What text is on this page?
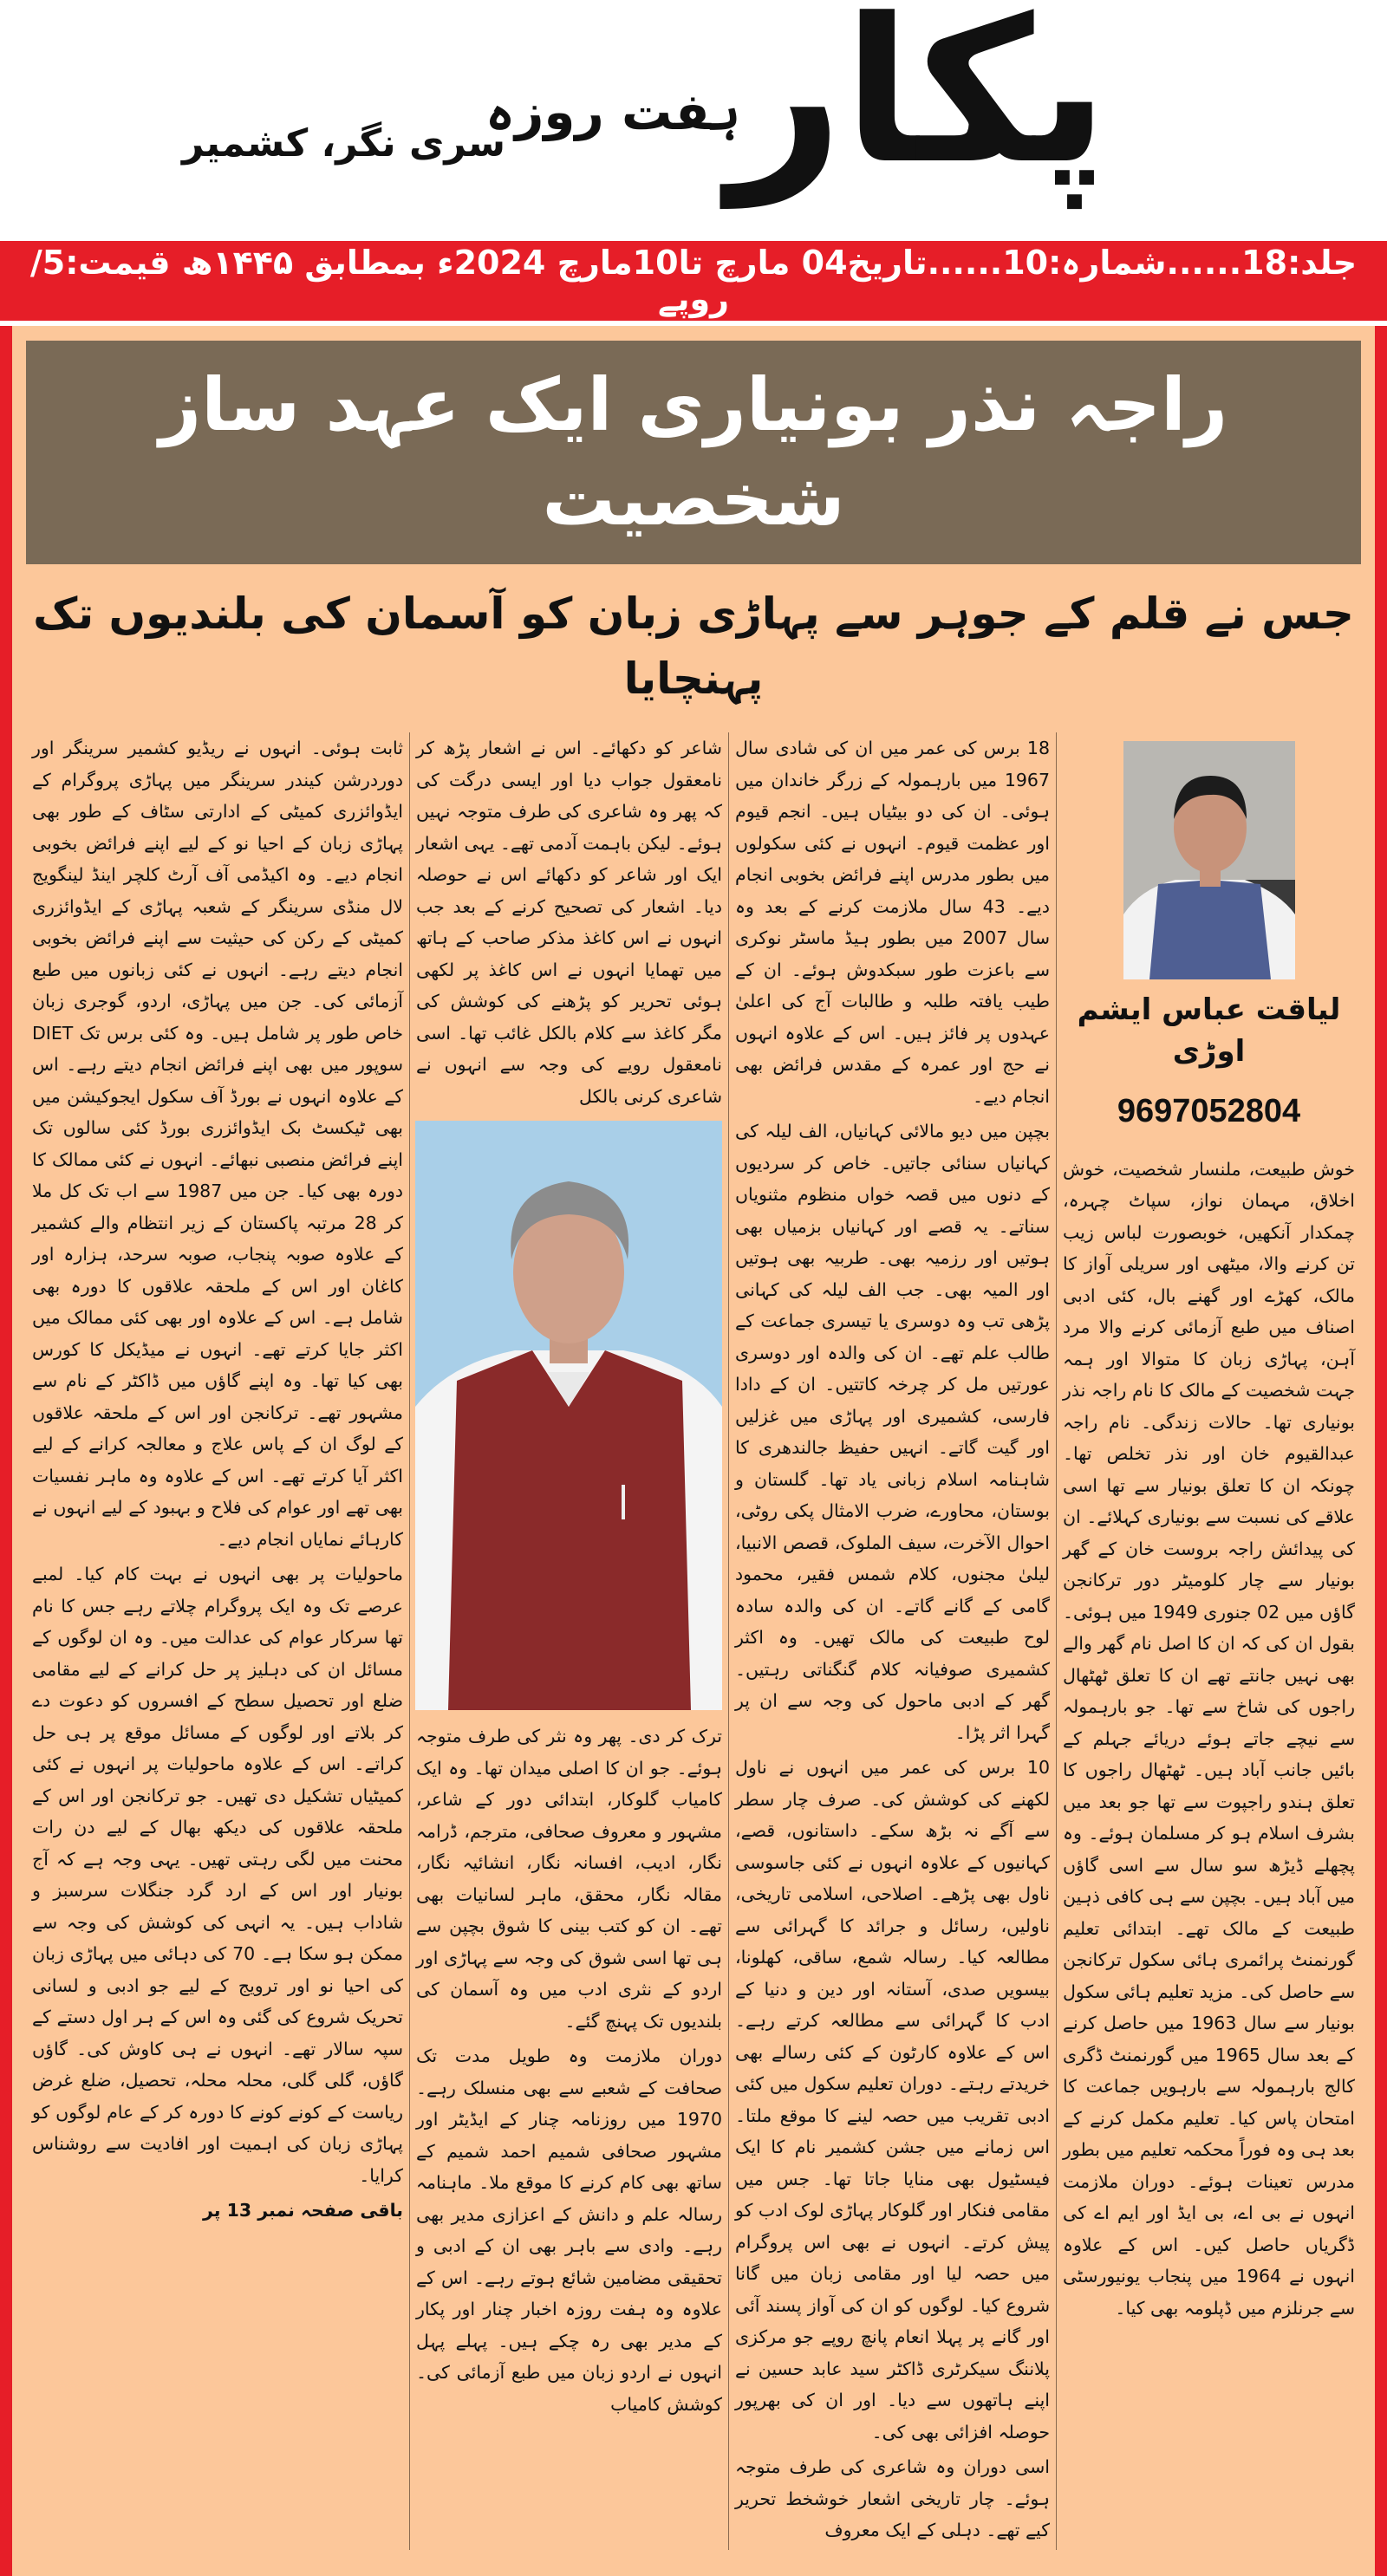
پکار
ہفت روزہ
سری نگر، کشمیر
جلد:18......شمارہ:10......تاریخ04 مارچ تا10مارچ 2024ء بمطابق ۱۴۴۵ھ قیمت:5/روپے
راجہ نذر بونیاری ایک عہد ساز شخصیت
جس نے قلم کے جوہر سے پہاڑی زبان کو آسمان کی بلندیوں تک پہنچایا
لیاقت عباس ایشم اوڑی
9697052804

خوش طبیعت، ملنسار شخصیت، خوش اخلاق، مہمان نواز، سپاٹ چہرہ، چمکدار آنکھیں، خوبصورت لباس زیب تن کرنے والا، میٹھی اور سریلی آواز کا مالک، کھڑے اور گھنے بال، کئی ادبی اصناف میں طبع آزمائی کرنے والا مرد آہن، پہاڑی زبان کا متوالا اور ہمہ جہت شخصیت کے مالک کا نام راجہ نذر بونیاری تھا۔ حالات زندگی۔ نام راجہ عبدالقیوم خان اور نذر تخلص تھا۔ چونکہ ان کا تعلق بونیار سے تھا اسی علاقے کی نسبت سے بونیاری کہلائے۔ ان کی پیدائش راجہ بروست خان کے گھر بونیار سے چار کلومیٹر دور ترکانجن گاؤں میں 02 جنوری 1949 میں ہوئی۔ بقول ان کی کہ ان کا اصل نام گھر والے بھی نہیں جانتے تھے ان کا تعلق ٹھٹھال راجوں کی شاخ سے تھا۔ جو بارہمولہ سے نیچے جاتے ہوئے دریائے جہلم کے بائیں جانب آباد ہیں۔ ٹھٹھال راجوں کا تعلق ہندو راجپوت سے تھا جو بعد میں بشرف اسلام ہو کر مسلمان ہوئے۔ وہ پچھلے ڈیڑھ سو سال سے اسی گاؤں میں آباد ہیں۔ بچپن سے ہی کافی ذہین طبیعت کے مالک تھے۔ ابتدائی تعلیم گورنمنٹ پرائمری ہائی سکول ترکانجن سے حاصل کی۔ مزید تعلیم ہائی سکول بونیار سے سال 1963 میں حاصل کرنے کے بعد سال 1965 میں گورنمنٹ ڈگری کالج بارہمولہ سے بارہویں جماعت کا امتحان پاس کیا۔ تعلیم مکمل کرنے کے بعد ہی وہ فوراً محکمہ تعلیم میں بطور مدرس تعینات ہوئے۔ دوران ملازمت انہوں نے بی اے، بی ایڈ اور ایم اے کی ڈگریاں حاصل کیں۔ اس کے علاوہ انہوں نے 1964 میں پنجاب یونیورسٹی سے جرنلزم میں ڈپلومہ بھی کیا۔

18 برس کی عمر میں ان کی شادی سال 1967 میں بارہمولہ کے زرگر خاندان میں ہوئی۔ ان کی دو بیٹیاں ہیں۔ انجم قیوم اور عظمت قیوم۔ انہوں نے کئی سکولوں میں بطور مدرس اپنے فرائض بخوبی انجام دیے۔ 43 سال ملازمت کرنے کے بعد وہ سال 2007 میں بطور ہیڈ ماسٹر نوکری سے باعزت طور سبکدوش ہوئے۔ ان کے طیب یافتہ طلبہ و طالبات آج کی اعلیٰ عہدوں پر فائز ہیں۔ اس کے علاوہ انہوں نے حج اور عمرہ کے مقدس فرائض بھی انجام دیے۔

بچپن میں دیو مالائی کہانیاں، الف لیلہ کی کہانیاں سنائی جاتیں۔ خاص کر سردیوں کے دنوں میں قصہ خواں منظوم مثنویاں سناتے۔ یہ قصے اور کہانیاں بزمیاں بھی ہوتیں اور رزمیہ بھی۔ طربیہ بھی ہوتیں اور المیہ بھی۔ جب الف لیلہ کی کہانی پڑھی تب وہ دوسری یا تیسری جماعت کے طالب علم تھے۔ ان کی والدہ اور دوسری عورتیں مل کر چرخہ کاتتیں۔ ان کے دادا فارسی، کشمیری اور پہاڑی میں غزلیں اور گیت گاتے۔ انہیں حفیظ جالندھری کا شاہنامہ اسلام زبانی یاد تھا۔ گلستان و بوستان، محاورے، ضرب الامثال پکی روٹی، احوال الآخرت، سیف الملوک، قصص الانبیا، لیلیٰ مجنوں، کلام شمس فقیر، محمود گامی کے گانے گاتے۔ ان کی والدہ سادہ لوح طبیعت کی مالک تھیں۔ وہ اکثر کشمیری صوفیانہ کلام گنگناتی رہتیں۔ گھر کے ادبی ماحول کی وجہ سے ان پر گہرا اثر پڑا۔

10 برس کی عمر میں انہوں نے ناول لکھنے کی کوشش کی۔ صرف چار سطر سے آگے نہ بڑھ سکے۔ داستانوں، قصے، کہانیوں کے علاوہ انہوں نے کئی جاسوسی ناول بھی پڑھے۔ اصلاحی، اسلامی تاریخی، ناولیں، رسائل و جرائد کا گہرائی سے مطالعہ کیا۔ رسالہ شمع، ساقی، کھلونا، بیسویں صدی، آستانہ اور دین و دنیا کے ادب کا گہرائی سے مطالعہ کرتے رہے۔ اس کے علاوہ کارٹون کے کئی رسالے بھی خریدتے رہتے۔ دوران تعلیم سکول میں کئی ادبی تقریب میں حصہ لینے کا موقع ملتا۔ اس زمانے میں جشن کشمیر نام کا ایک فیسٹیول بھی منایا جاتا تھا۔ جس میں مقامی فنکار اور گلوکار پہاڑی لوک ادب کو پیش کرتے۔ انہوں نے بھی اس پروگرام میں حصہ لیا اور مقامی زبان میں گانا شروع کیا۔ لوگوں کو ان کی آواز پسند آئی اور گانے پر پہلا انعام پانچ روپے جو مرکزی پلاننگ سیکرٹری ڈاکٹر سید عابد حسین نے اپنے ہاتھوں سے دیا۔ اور ان کی بھرپور حوصلہ افزائی بھی کی۔

اسی دوران وہ شاعری کی طرف متوجہ ہوئے۔ چار تاریخی اشعار خوشخط تحریر کیے تھے۔ دہلی کے ایک معروف

شاعر کو دکھائے۔ اس نے اشعار پڑھ کر نامعقول جواب دیا اور ایسی درگت کی کہ پھر وہ شاعری کی طرف متوجہ نہیں ہوئے۔ لیکن باہمت آدمی تھے۔ یہی اشعار ایک اور شاعر کو دکھائے اس نے حوصلہ دیا۔ اشعار کی تصحیح کرنے کے بعد جب انہوں نے اس کاغذ مذکر صاحب کے ہاتھ میں تھمایا انہوں نے اس کاغذ پر لکھی ہوئی تحریر کو پڑھنے کی کوشش کی مگر کاغذ سے کلام بالکل غائب تھا۔ اسی نامعقول رویے کی وجہ سے انہوں نے شاعری کرنی بالکل

ترک کر دی۔ پھر وہ نثر کی طرف متوجہ ہوئے۔ جو ان کا اصلی میدان تھا۔ وہ ایک کامیاب گلوکار، ابتدائی دور کے شاعر، مشہور و معروف صحافی، مترجم، ڈرامہ نگار، ادیب، افسانہ نگار، انشائیہ نگار، مقالہ نگار، محقق، ماہر لسانیات بھی تھے۔ ان کو کتب بینی کا شوق بچپن سے ہی تھا اسی شوق کی وجہ سے پہاڑی اور اردو کے نثری ادب میں وہ آسمان کی بلندیوں تک پہنچ گئے۔

دوران ملازمت وہ طویل مدت تک صحافت کے شعبے سے بھی منسلک رہے۔ 1970 میں روزنامہ چنار کے ایڈیٹر اور مشہور صحافی شمیم احمد شمیم کے ساتھ بھی کام کرنے کا موقع ملا۔ ماہنامہ رسالہ علم و دانش کے اعزازی مدیر بھی رہے۔ وادی سے باہر بھی ان کے ادبی و تحقیقی مضامین شائع ہوتے رہے۔ اس کے علاوہ وہ ہفت روزہ اخبار چنار اور پکار کے مدیر بھی رہ چکے ہیں۔ پہلے پہل انہوں نے اردو زبان میں طبع آزمائی کی۔ کوشش کامیاب

ثابت ہوئی۔ انہوں نے ریڈیو کشمیر سرینگر اور دوردرشن کیندر سرینگر میں پہاڑی پروگرام کے ایڈوائزری کمیٹی کے ادارتی سٹاف کے طور بھی پہاڑی زبان کے احیا نو کے لیے اپنے فرائض بخوبی انجام دیے۔ وہ اکیڈمی آف آرٹ کلچر اینڈ لینگویج لال منڈی سرینگر کے شعبہ پہاڑی کے ایڈوائزری کمیٹی کے رکن کی حیثیت سے اپنے فرائض بخوبی انجام دیتے رہے۔ انہوں نے کئی زبانوں میں طبع آزمائی کی۔ جن میں پہاڑی، اردو، گوجری زبان خاص طور پر شامل ہیں۔ وہ کئی برس تک DIET سوپور میں بھی اپنے فرائض انجام دیتے رہے۔ اس کے علاوہ انہوں نے بورڈ آف سکول ایجوکیشن میں بھی ٹیکسٹ بک ایڈوائزری بورڈ کئی سالوں تک اپنے فرائض منصبی نبھائے۔ انہوں نے کئی ممالک کا دورہ بھی کیا۔ جن میں 1987 سے اب تک کل ملا کر 28 مرتبہ پاکستان کے زیر انتظام والے کشمیر کے علاوہ صوبہ پنجاب، صوبہ سرحد، ہزارہ اور کاغان اور اس کے ملحقہ علاقوں کا دورہ بھی شامل ہے۔ اس کے علاوہ اور بھی کئی ممالک میں اکثر جایا کرتے تھے۔ انہوں نے میڈیکل کا کورس بھی کیا تھا۔ وہ اپنے گاؤں میں ڈاکٹر کے نام سے مشہور تھے۔ ترکانجن اور اس کے ملحقہ علاقوں کے لوگ ان کے پاس علاج و معالجہ کرانے کے لیے اکثر آیا کرتے تھے۔ اس کے علاوہ وہ ماہر نفسیات بھی تھے اور عوام کی فلاح و بہبود کے لیے انہوں نے کارہائے نمایاں انجام دیے۔

ماحولیات پر بھی انہوں نے بہت کام کیا۔ لمبے عرصے تک وہ ایک پروگرام چلاتے رہے جس کا نام تھا سرکار عوام کی عدالت میں۔ وہ ان لوگوں کے مسائل ان کی دہلیز پر حل کرانے کے لیے مقامی ضلع اور تحصیل سطح کے افسروں کو دعوت دے کر بلاتے اور لوگوں کے مسائل موقع پر ہی حل کراتے۔ اس کے علاوہ ماحولیات پر انہوں نے کئی کمیٹیاں تشکیل دی تھیں۔ جو ترکانجن اور اس کے ملحقہ علاقوں کی دیکھ بھال کے لیے دن رات محنت میں لگی رہتی تھیں۔ یہی وجہ ہے کہ آج بونیار اور اس کے ارد گرد جنگلات سرسبز و شاداب ہیں۔ یہ انہی کی کوشش کی وجہ سے ممکن ہو سکا ہے۔ 70 کی دہائی میں پہاڑی زبان کی احیا نو اور ترویج کے لیے جو ادبی و لسانی تحریک شروع کی گئی وہ اس کے ہر اول دستے کے سپہ سالار تھے۔ انہوں نے ہی کاوش کی۔ گاؤں گاؤں، گلی گلی، محلہ محلہ، تحصیل، ضلع غرض ریاست کے کونے کونے کا دورہ کر کے عام لوگوں کو پہاڑی زبان کی اہمیت اور افادیت سے روشناس کرایا۔

باقی صفحہ نمبر 13 پر
